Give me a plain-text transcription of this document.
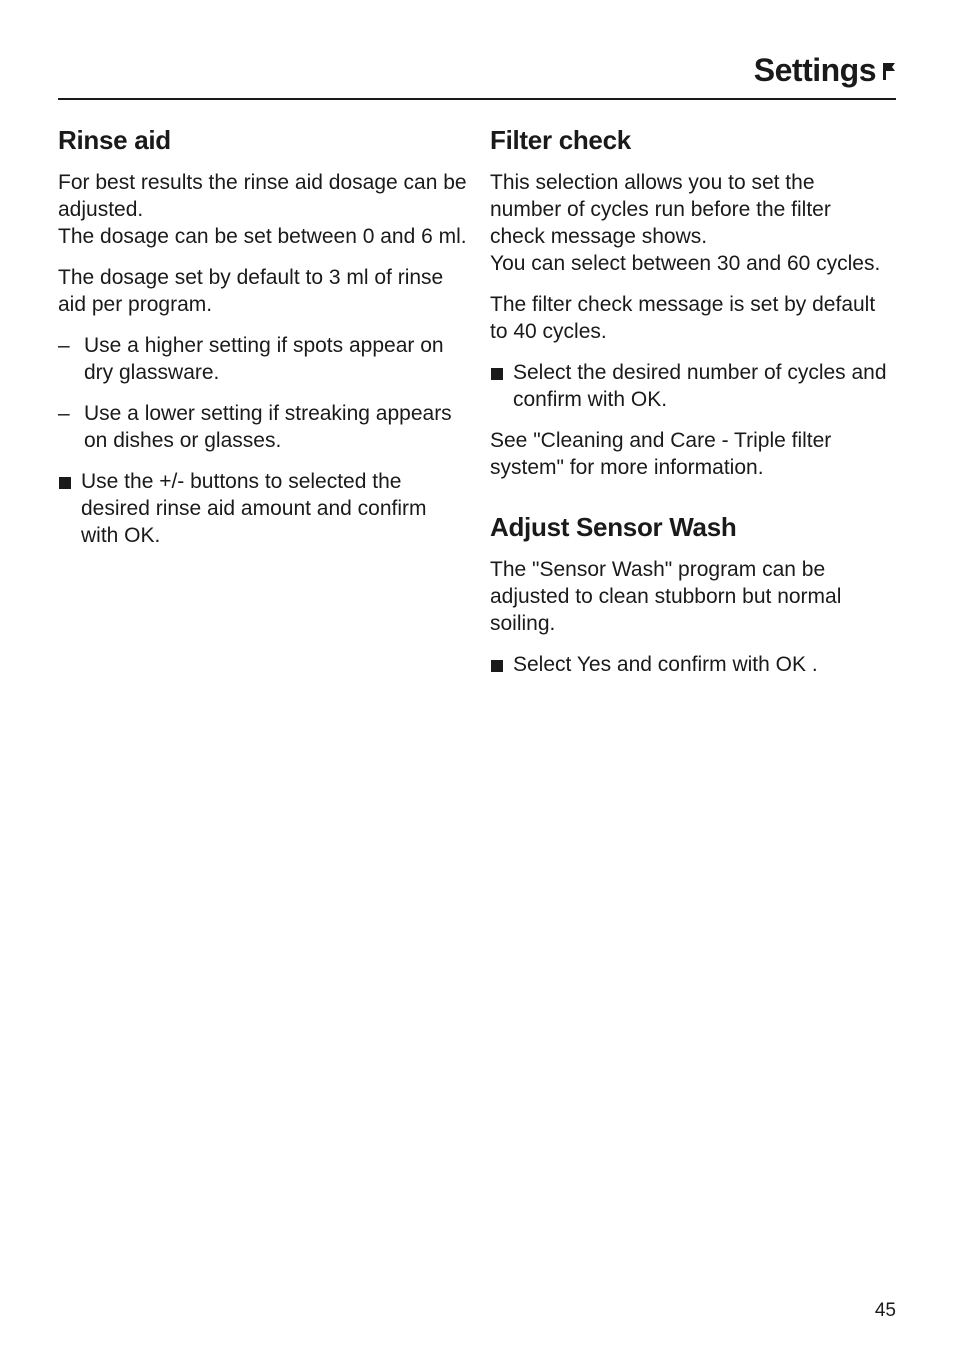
Settings
Rinse aid

For best results the rinse aid dosage can be adjusted.
The dosage can be set between 0 and 6 ml.

The dosage set by default to 3 ml of rinse aid per program.

– Use a higher setting if spots appear on dry glassware.
– Use a lower setting if streaking appears on dishes or glasses.
Use the +/- buttons to selected the desired rinse aid amount and confirm with OK.
Filter check

This selection allows you to set the number of cycles run before the filter check message shows.
You can select between 30 and 60 cycles.

The filter check message is set by default to 40 cycles.

Select the desired number of cycles and confirm with OK.

See "Cleaning and Care - Triple filter system" for more information.

Adjust Sensor Wash

The "Sensor Wash" program can be adjusted to clean stubborn but normal soiling.

Select Yes and confirm with OK .
45
